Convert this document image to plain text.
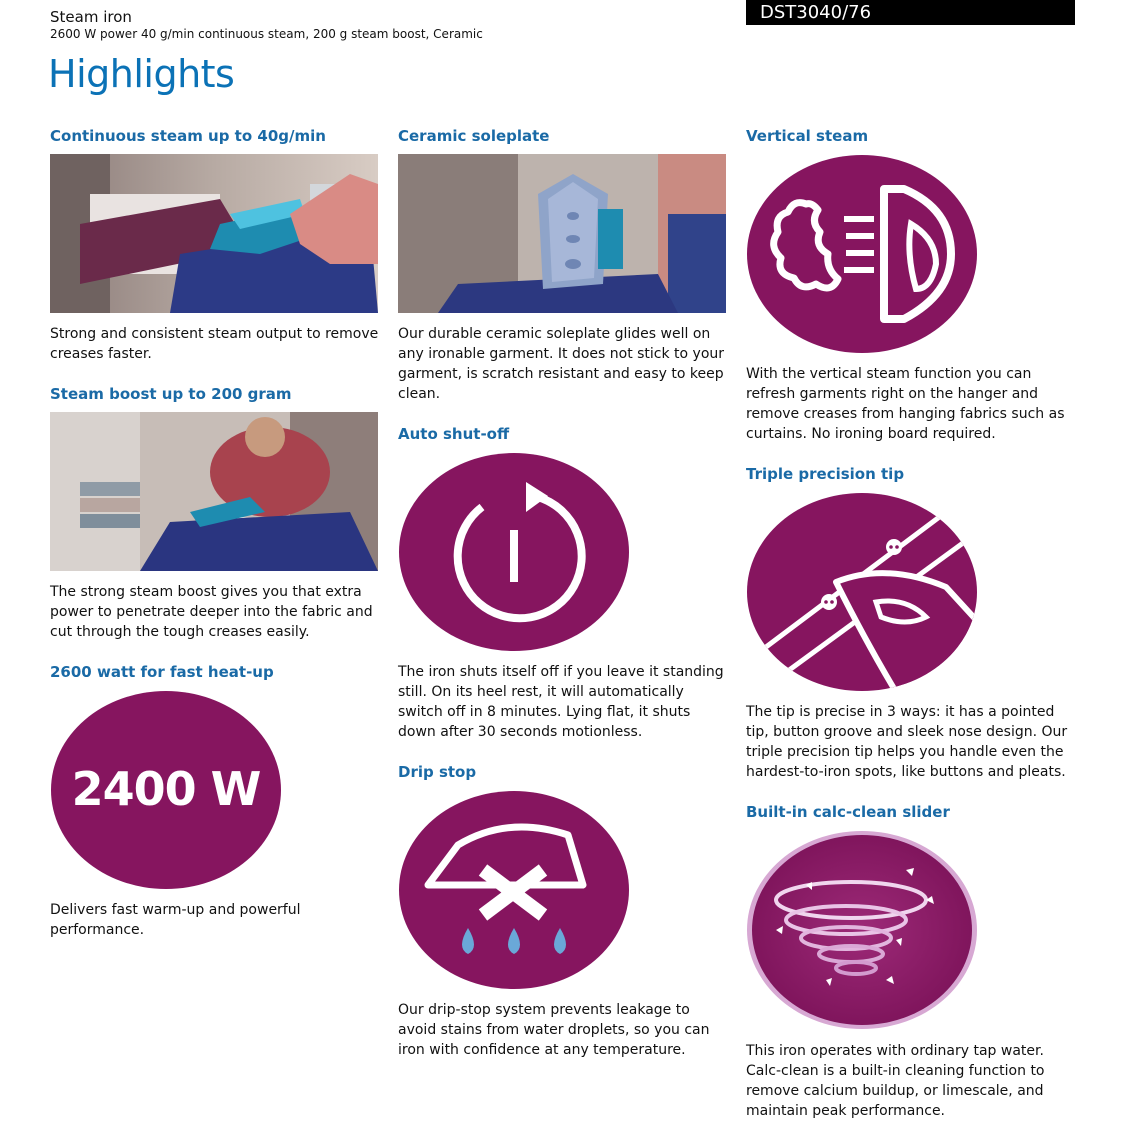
Steam iron
2600 W power 40 g/min continuous steam, 200 g steam boost, Ceramic
DST3040/76
Highlights
Continuous steam up to 40g/min
Strong and consistent steam output to remove creases faster.
Steam boost up to 200 gram
The strong steam boost gives you that extra power to penetrate deeper into the fabric and cut through the tough creases easily.
2600 watt for fast heat-up
2400 W
Delivers fast warm-up and powerful performance.
Ceramic soleplate
Our durable ceramic soleplate glides well on any ironable garment. It does not stick to your garment, is scratch resistant and easy to keep clean.
Auto shut-off
The iron shuts itself off if you leave it standing still. On its heel rest, it will automatically switch off in 8 minutes. Lying flat, it shuts down after 30 seconds motionless.
Drip stop
Our drip-stop system prevents leakage to avoid stains from water droplets, so you can iron with confidence at any temperature.
Vertical steam
With the vertical steam function you can refresh garments right on the hanger and remove creases from hanging fabrics such as curtains. No ironing board required.
Triple precision tip
The tip is precise in 3 ways: it has a pointed tip, button groove and sleek nose design. Our triple precision tip helps you handle even the hardest-to-iron spots, like buttons and pleats.
Built-in calc-clean slider
This iron operates with ordinary tap water. Calc-clean is a built-in cleaning function to remove calcium buildup, or limescale, and maintain peak performance.
